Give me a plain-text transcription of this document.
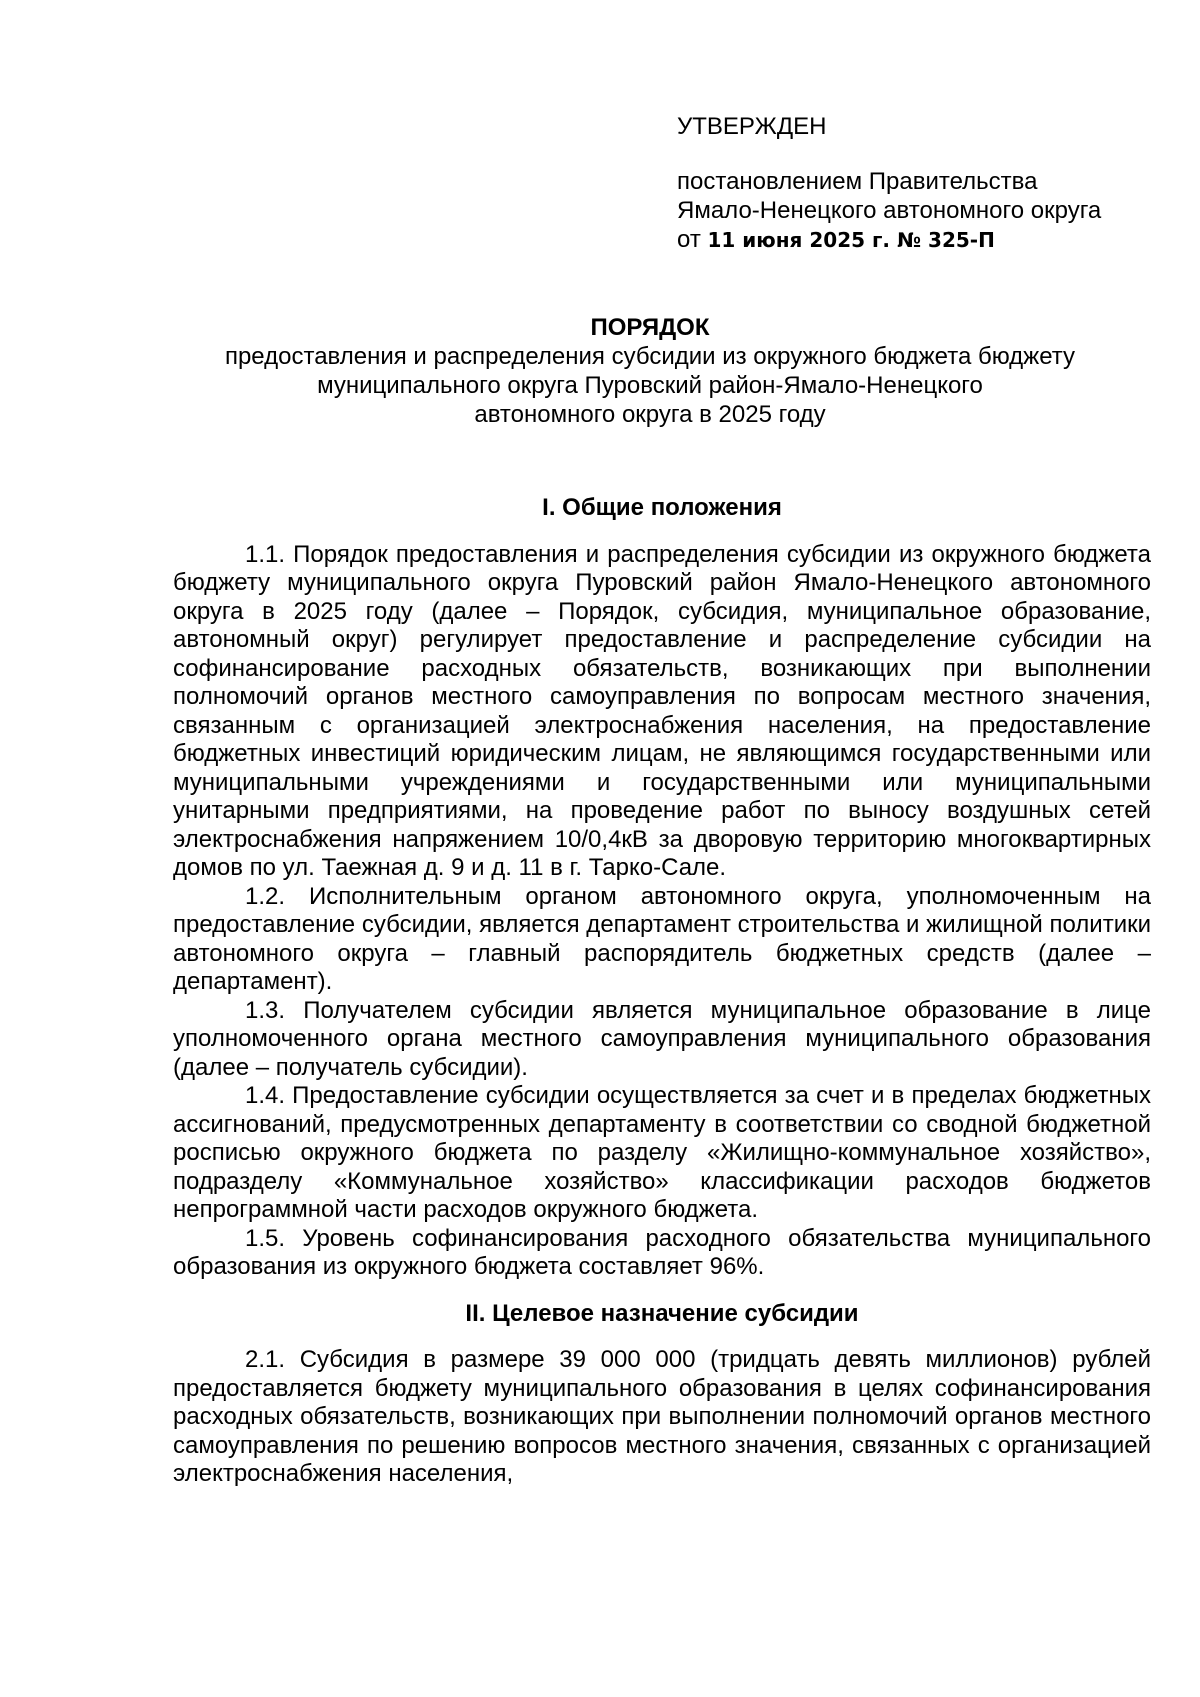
УТВЕРЖДЕН
постановлением Правительства
Ямало-Ненецкого автономного округа
от 11 июня 2025 г. № 325-П
ПОРЯДОК
предоставления и распределения субсидии из окружного бюджета бюджету
муниципального округа Пуровский район-Ямало-Ненецкого
автономного округа в 2025 году
I. Общие положения

1.1. Порядок предоставления и распределения субсидии из окружного бюджета бюджету муниципального округа Пуровский район Ямало-Ненецкого автономного округа в 2025 году (далее – Порядок, субсидия, муниципальное образование, автономный округ) регулирует предоставление и распределение субсидии на софинансирование расходных обязательств, возникающих при выполнении полномочий органов местного самоуправления по вопросам местного значения, связанным с организацией электроснабжения населения, на предоставление бюджетных инвестиций юридическим лицам, не являющимся государственными или муниципальными учреждениями и государственными или муниципальными унитарными предприятиями, на проведение работ по выносу воздушных сетей электроснабжения напряжением 10/0,4кВ за дворовую территорию многоквартирных домов по ул. Таежная д. 9 и д. 11 в г. Тарко-Сале.

1.2. Исполнительным органом автономного округа, уполномоченным на предоставление субсидии, является департамент строительства и жилищной политики автономного округа – главный распорядитель бюджетных средств (далее – департамент).

1.3. Получателем субсидии является муниципальное образование в лице уполномоченного органа местного самоуправления муниципального образования (далее – получатель субсидии).

1.4. Предоставление субсидии осуществляется за счет и в пределах бюджетных ассигнований, предусмотренных департаменту в соответствии со сводной бюджетной росписью окружного бюджета по разделу «Жилищно-коммунальное хозяйство», подразделу «Коммунальное хозяйство» классификации расходов бюджетов непрограммной части расходов окружного бюджета.

1.5. Уровень софинансирования расходного обязательства муниципального образования из окружного бюджета составляет 96%.

II. Целевое назначение субсидии

2.1. Субсидия в размере 39 000 000 (тридцать девять миллионов) рублей предоставляется бюджету муниципального образования в целях софинансирования расходных обязательств, возникающих при выполнении полномочий органов местного самоуправления по решению вопросов местного значения, связанных с организацией электроснабжения населения,
